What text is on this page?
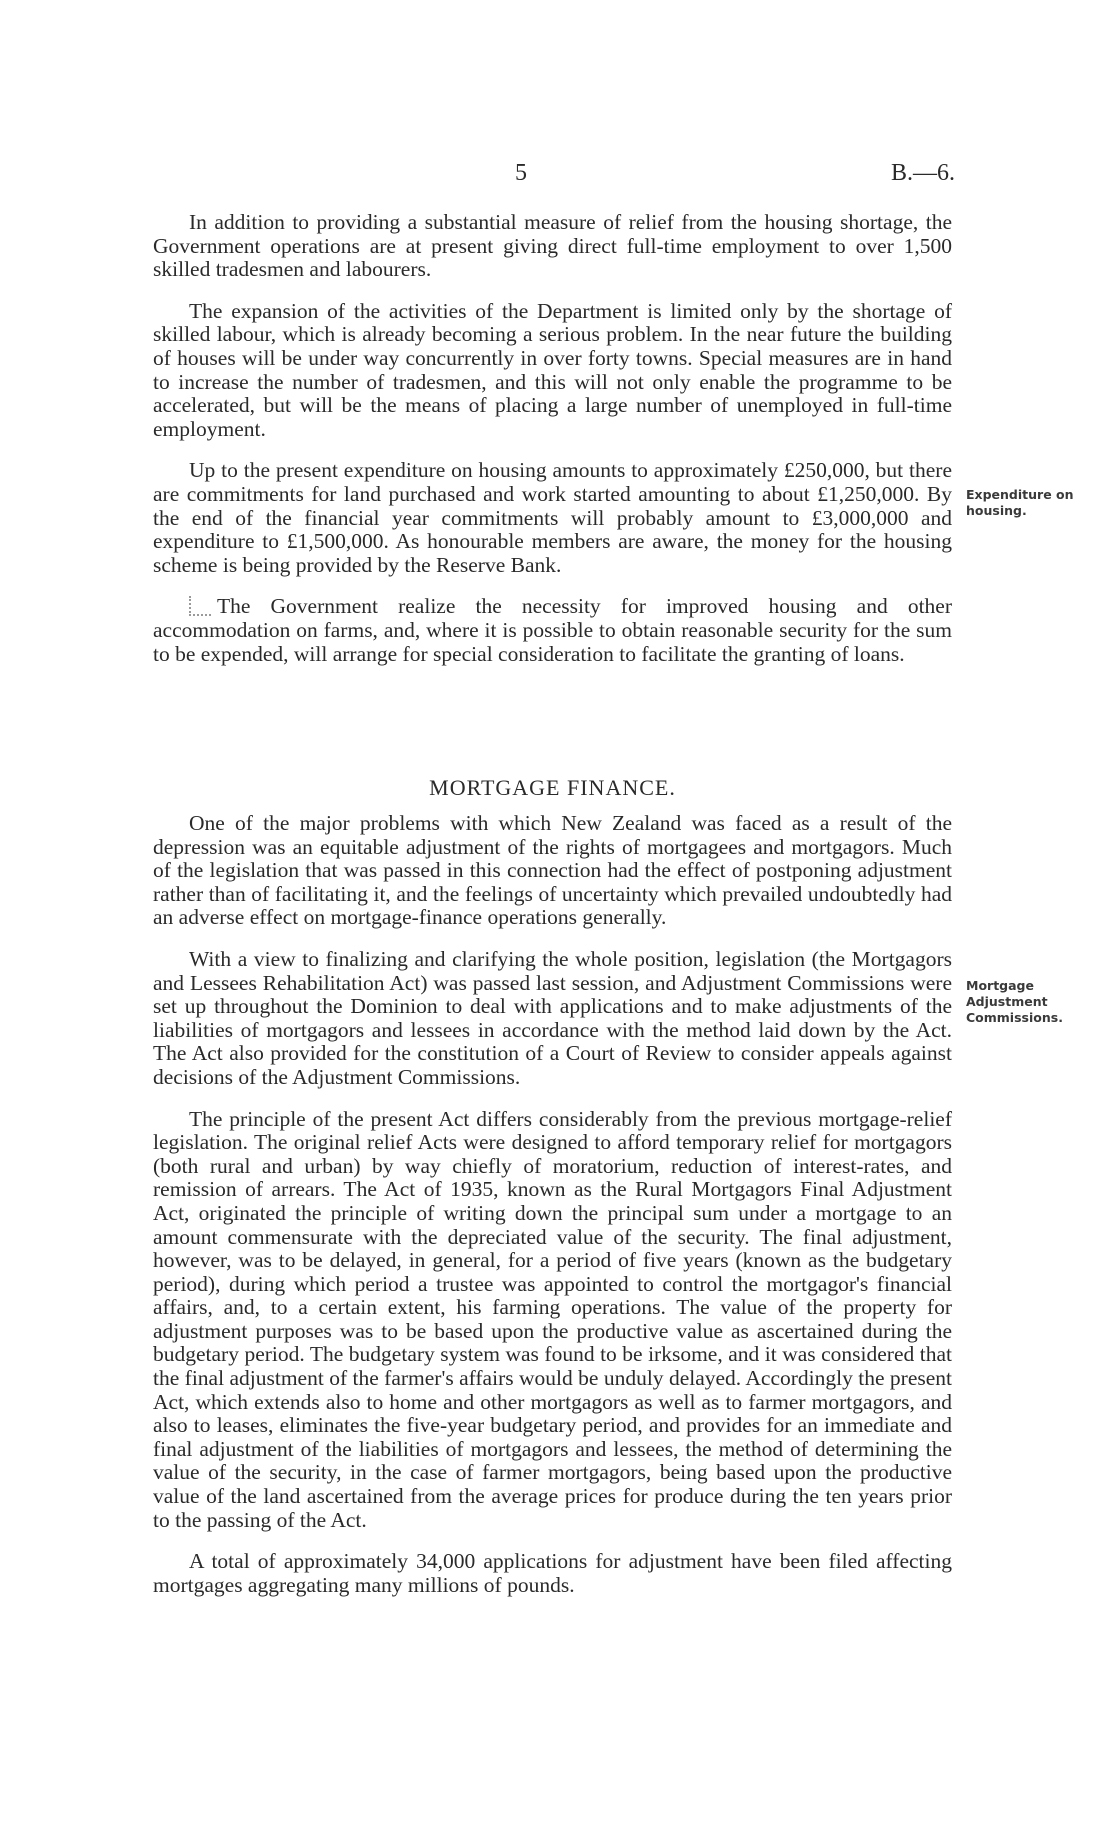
5	B.—6.

In addition to providing a substantial measure of relief from the housing shortage, the Government operations are at present giving direct full-time employment to over 1,500 skilled tradesmen and labourers.

The expansion of the activities of the Department is limited only by the shortage of skilled labour, which is already becoming a serious problem. In the near future the building of houses will be under way concurrently in over forty towns. Special measures are in hand to increase the number of tradesmen, and this will not only enable the programme to be accelerated, but will be the means of placing a large number of unemployed in full-time employment.

Up to the present expenditure on housing amounts to approximately £250,000, but there are commitments for land purchased and work started amounting to about £1,250,000. By the end of the financial year commitments will probably amount to £3,000,000 and expenditure to £1,500,000. As honourable members are aware, the money for the housing scheme is being provided by the Reserve Bank.

The Government realize the necessity for improved housing and other accommodation on farms, and, where it is possible to obtain reasonable security for the sum to be expended, will arrange for special consideration to facilitate the granting of loans.

MORTGAGE FINANCE.

One of the major problems with which New Zealand was faced as a result of the depression was an equitable adjustment of the rights of mortgagees and mortgagors. Much of the legislation that was passed in this connection had the effect of postponing adjustment rather than of facilitating it, and the feelings of uncertainty which prevailed undoubtedly had an adverse effect on mortgage-finance operations generally.

With a view to finalizing and clarifying the whole position, legislation (the Mortgagors and Lessees Rehabilitation Act) was passed last session, and Adjustment Commissions were set up throughout the Dominion to deal with applications and to make adjustments of the liabilities of mortgagors and lessees in accordance with the method laid down by the Act. The Act also provided for the constitution of a Court of Review to consider appeals against decisions of the Adjustment Commissions.

The principle of the present Act differs considerably from the previous mortgage-relief legislation. The original relief Acts were designed to afford temporary relief for mortgagors (both rural and urban) by way chiefly of moratorium, reduction of interest-rates, and remission of arrears. The Act of 1935, known as the Rural Mortgagors Final Adjustment Act, originated the principle of writing down the principal sum under a mortgage to an amount commensurate with the depreciated value of the security. The final adjustment, however, was to be delayed, in general, for a period of five years (known as the budgetary period), during which period a trustee was appointed to control the mortgagor's financial affairs, and, to a certain extent, his farming operations. The value of the property for adjustment purposes was to be based upon the productive value as ascertained during the budgetary period. The budgetary system was found to be irksome, and it was considered that the final adjustment of the farmer's affairs would be unduly delayed. Accordingly the present Act, which extends also to home and other mortgagors as well as to farmer mortgagors, and also to leases, eliminates the five-year budgetary period, and provides for an immediate and final adjustment of the liabilities of mortgagors and lessees, the method of determining the value of the security, in the case of farmer mortgagors, being based upon the productive value of the land ascertained from the average prices for produce during the ten years prior to the passing of the Act.

A total of approximately 34,000 applications for adjustment have been filed affecting mortgages aggregating many millions of pounds.

Expenditure on housing.
Mortgage Adjustment Commissions.
